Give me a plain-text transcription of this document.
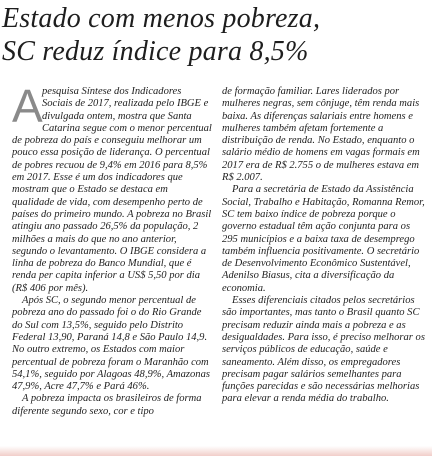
Estado com menos pobreza,
SC reduz índice para 8,5%
A pesquisa Síntese dos Indicadores Sociais de 2017, realizada pelo IBGE e divulgada ontem, mostra que Santa Catarina segue com o menor percentual de pobreza do país e conseguiu melhorar um pouco essa posição de liderança. O percentual de pobres recuou de 9,4% em 2016 para 8,5% em 2017. Esse é um dos indicadores que mostram que o Estado se destaca em qualidade de vida, com desempenho perto de países do primeiro mundo. A pobreza no Brasil atingiu ano passado 26,5% da população, 2 milhões a mais do que no ano anterior, segundo o levantamento. O IBGE considera a linha de pobreza do Banco Mundial, que é renda per capita inferior a US$ 5,50 por dia (R$ 406 por mês).

Após SC, o segundo menor percentual de pobreza ano do passado foi o do Rio Grande do Sul com 13,5%, seguido pelo Distrito Federal 13,90, Paraná 14,8 e São Paulo 14,9. No outro extremo, os Estados com maior percentual de pobreza foram o Maranhão com 54,1%, seguido por Alagoas 48,9%, Amazonas 47,9%, Acre 47,7% e Pará 46%.

A pobreza impacta os brasileiros de forma diferente segundo sexo, cor e tipo

de formação familiar. Lares liderados por mulheres negras, sem cônjuge, têm renda mais baixa. As diferenças salariais entre homens e mulheres também afetam fortemente a distribuição de renda. No Estado, enquanto o salário médio de homens em vagas formais em 2017 era de R$ 2.755 o de mulheres estava em R$ 2.007.

Para a secretária de Estado da Assistência Social, Trabalho e Habitação, Romanna Remor, SC tem baixo índice de pobreza porque o governo estadual têm ação conjunta para os 295 municípios e a baixa taxa de desemprego também influencia positivamente. O secretário de Desenvolvimento Econômico Sustentável, Adenilso Biasus, cita a diversificação da economia.

Esses diferenciais citados pelos secretários são importantes, mas tanto o Brasil quanto SC precisam reduzir ainda mais a pobreza e as desigualdades. Para isso, é preciso melhorar os serviços públicos de educação, saúde e saneamento. Além disso, os empregadores precisam pagar salários semelhantes para funções parecidas e são necessárias melhorias para elevar a renda média do trabalho.
